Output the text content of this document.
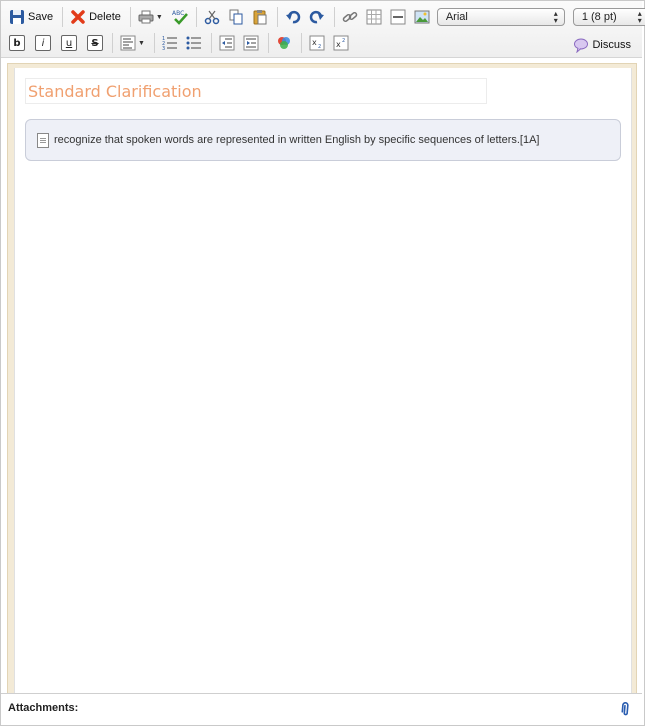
Save	Delete	▼ ABC	Arial	▴
▾ 1 (8 pt)	▴
▾
b	i	u	S	▼
1
2
3
x 2 x 2	Discuss
Standard Clarification
recognize that spoken words are represented in written English by specific sequences of letters.[1A]
Attachments:
